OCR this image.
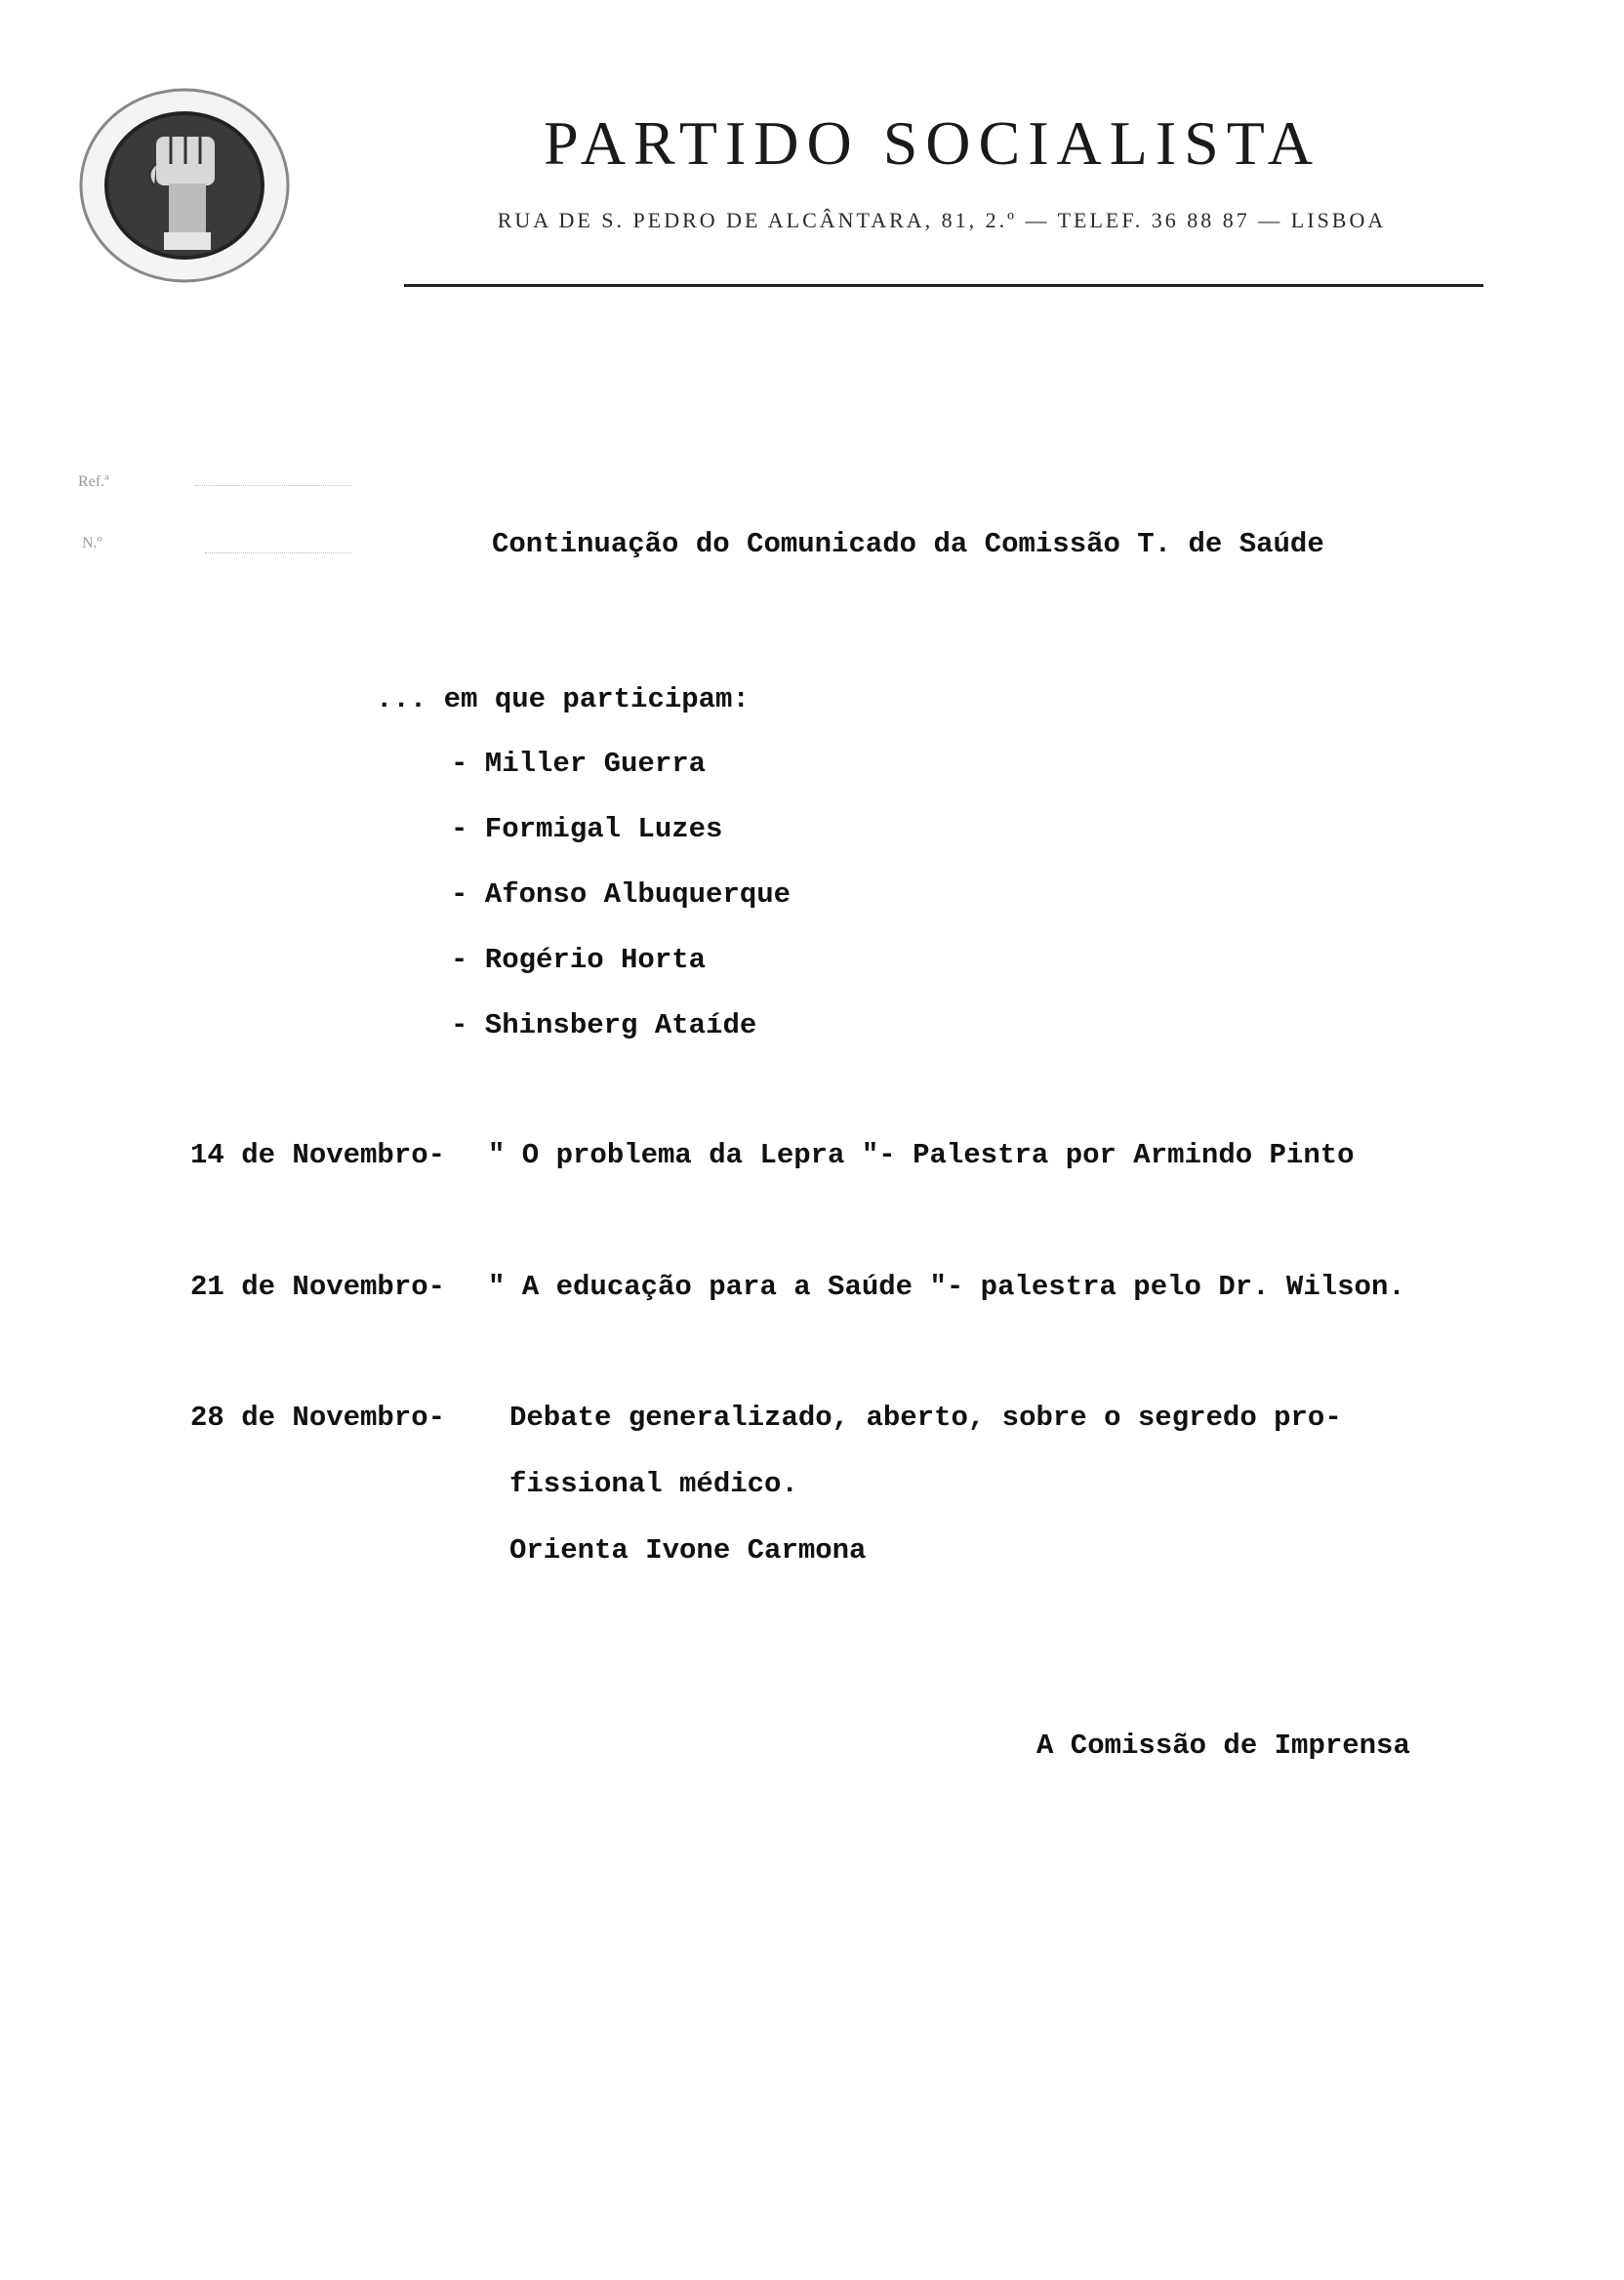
PARTIDO SOCIALISTA
RUA DE S. PEDRO DE ALCÂNTARA, 81, 2.º — TELEF. 36 88 87 — LISBOA
Ref.ª
N.º	Continuação do Comunicado da Comissão T. de Saúde
... em que participam:
- Miller Guerra
- Formigal Luzes
- Afonso Albuquerque
- Rogério Horta
- Shinsberg Ataíde
14 de Novembro- " O problema da Lepra "- Palestra por Armindo Pinto
21 de Novembro- " A educação para a Saúde "- palestra pelo Dr. Wilson.
28 de Novembro- Debate generalizado, aberto, sobre o segredo pro-
fissional médico.
Orienta Ivone Carmona
A Comissão de Imprensa
